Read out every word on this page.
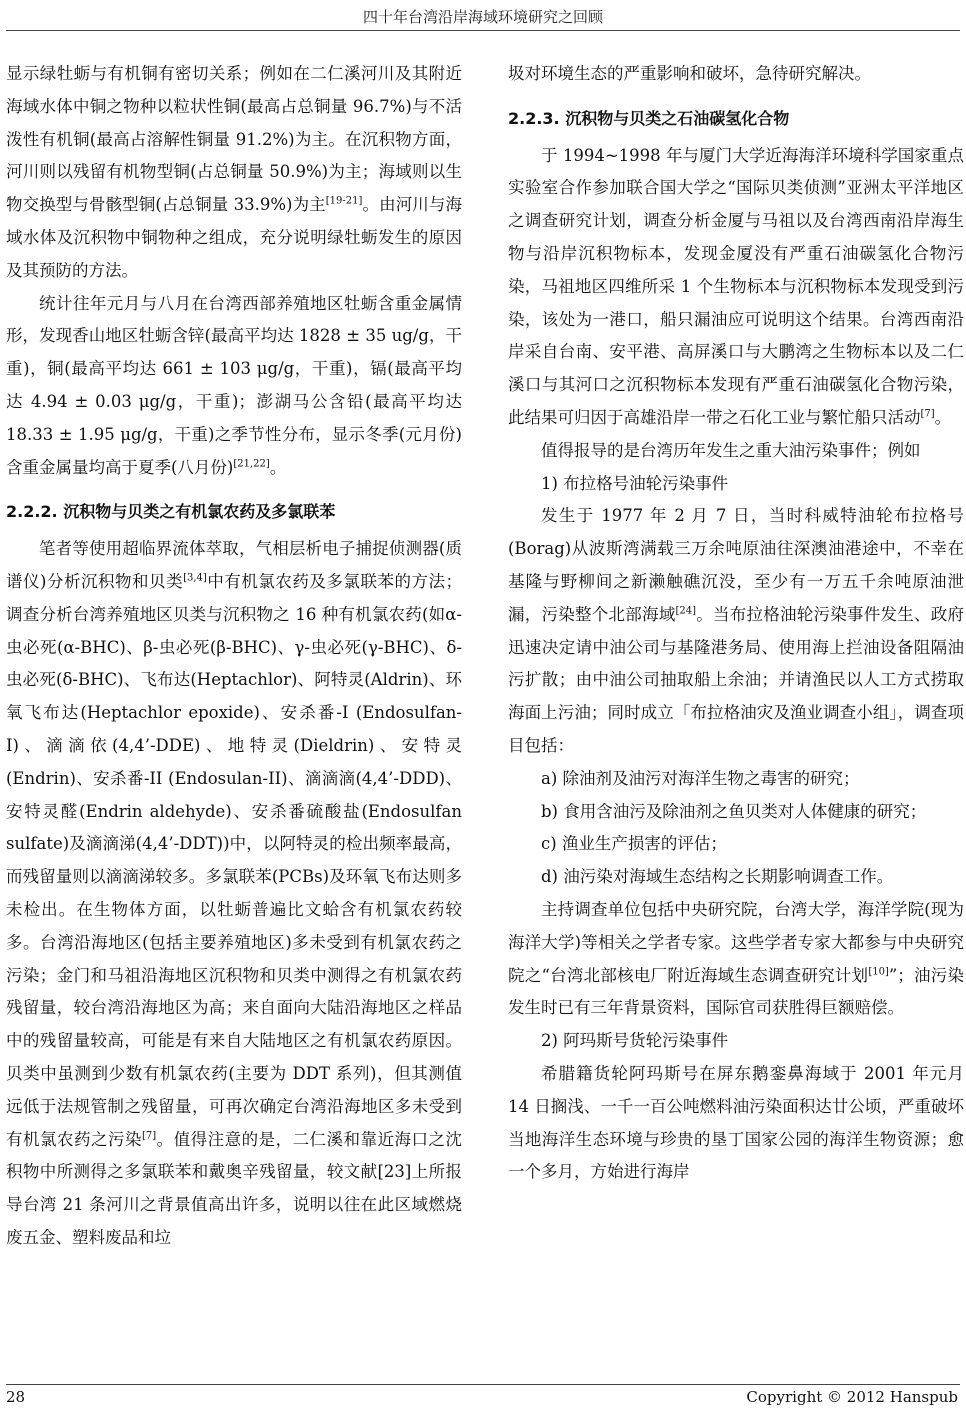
四十年台湾沿岸海域环境研究之回顾

显示绿牡蛎与有机铜有密切关系；例如在二仁溪河川及其附近海域水体中铜之物种以粒状性铜(最高占总铜量 96.7%)与不活泼性有机铜(最高占溶解性铜量 91.2%)为主。在沉积物方面，河川则以残留有机物型铜(占总铜量 50.9%)为主；海域则以生物交换型与骨骸型铜(占总铜量 33.9%)为主[19-21]。由河川与海域水体及沉积物中铜物种之组成，充分说明绿牡蛎发生的原因及其预防的方法。

统计往年元月与八月在台湾西部养殖地区牡蛎含重金属情形，发现香山地区牡蛎含锌(最高平均达 1828 ± 35 ug/g，干重)，铜(最高平均达 661 ± 103 μg/g，干重)，镉(最高平均达 4.94 ± 0.03 μg/g，干重)；澎湖马公含铅(最高平均达 18.33 ± 1.95 μg/g，干重)之季节性分布，显示冬季(元月份)含重金属量均高于夏季(八月份)[21,22]。

2.2.2. 沉积物与贝类之有机氯农药及多氯联苯

笔者等使用超临界流体萃取，气相层析电子捕捉侦测器(质谱仪)分析沉积物和贝类[3,4]中有机氯农药及多氯联苯的方法；调查分析台湾养殖地区贝类与沉积物之 16 种有机氯农药(如α-虫必死(α-BHC)、β-虫必死(β-BHC)、γ-虫必死(γ-BHC)、δ-虫必死(δ-BHC)、飞布达(Heptachlor)、阿特灵(Aldrin)、环氧飞布达(Heptachlor epoxide)、安杀番-I (Endosulfan-I)、滴滴依(4,4’-DDE)、地特灵(Dieldrin)、安特灵(Endrin)、安杀番-II (Endosulan-II)、滴滴滴(4,4’-DDD)、安特灵醛(Endrin aldehyde)、安杀番硫酸盐(Endosulfan sulfate)及滴滴涕(4,4’-DDT))中，以阿特灵的检出频率最高，而残留量则以滴滴涕较多。多氯联苯(PCBs)及环氧飞布达则多未检出。在生物体方面，以牡蛎普遍比文蛤含有机氯农药较多。台湾沿海地区(包括主要养殖地区)多未受到有机氯农药之污染；金门和马祖沿海地区沉积物和贝类中测得之有机氯农药残留量，较台湾沿海地区为高；来自面向大陆沿海地区之样品中的残留量较高，可能是有来自大陆地区之有机氯农药原因。贝类中虽测到少数有机氯农药(主要为 DDT 系列)，但其测值远低于法规管制之残留量，可再次确定台湾沿海地区多未受到有机氯农药之污染[7]。值得注意的是，二仁溪和靠近海口之沈积物中所测得之多氯联苯和戴奥辛残留量，较文献[23]上所报导台湾 21 条河川之背景值高出许多，说明以往在此区域燃烧废五金、塑料废品和垃

圾对环境生态的严重影响和破坏，急待研究解决。

2.2.3. 沉积物与贝类之石油碳氢化合物

于 1994~1998 年与厦门大学近海海洋环境科学国家重点实验室合作参加联合国大学之“国际贝类侦测”亚洲太平洋地区之调查研究计划，调查分析金厦与马祖以及台湾西南沿岸海生物与沿岸沉积物标本，发现金厦没有严重石油碳氢化合物污染，马祖地区四维所采 1 个生物标本与沉积物标本发现受到污染，该处为一港口，船只漏油应可说明这个结果。台湾西南沿岸采自台南、安平港、高屏溪口与大鹏湾之生物标本以及二仁溪口与其河口之沉积物标本发现有严重石油碳氢化合物污染，此结果可归因于高雄沿岸一带之石化工业与繁忙船只活动[7]。

值得报导的是台湾历年发生之重大油污染事件；例如

1) 布拉格号油轮污染事件

发生于 1977 年 2 月 7 日，当时科威特油轮布拉格号(Borag)从波斯湾满载三万余吨原油往深澳油港途中，不幸在基隆与野柳间之新濑触礁沉没，至少有一万五千余吨原油泄漏，污染整个北部海域[24]。当布拉格油轮污染事件发生、政府迅速决定请中油公司与基隆港务局、使用海上拦油设备阻隔油污扩散；由中油公司抽取船上余油；并请渔民以人工方式捞取海面上污油；同时成立「布拉格油灾及渔业调查小组」，调查项目包括：

a) 除油剂及油污对海洋生物之毒害的研究；

b) 食用含油污及除油剂之鱼贝类对人体健康的研究；

c) 渔业生产损害的评估；

d) 油污染对海域生态结构之长期影响调查工作。

主持调查单位包括中央研究院，台湾大学，海洋学院(现为海洋大学)等相关之学者专家。这些学者专家大都参与中央研究院之“台湾北部核电厂附近海域生态调查研究计划[10]”；油污染发生时已有三年背景资料，国际官司获胜得巨额赔偿。

2) 阿玛斯号货轮污染事件

希腊籍货轮阿玛斯号在屏东鹅銮鼻海域于 2001 年元月 14 日搁浅、一千一百公吨燃料油污染面积达廿公顷，严重破坏当地海洋生态环境与珍贵的垦丁国家公园的海洋生物资源；愈一个多月，方始进行海岸

28	Copyright © 2012 Hanspub
